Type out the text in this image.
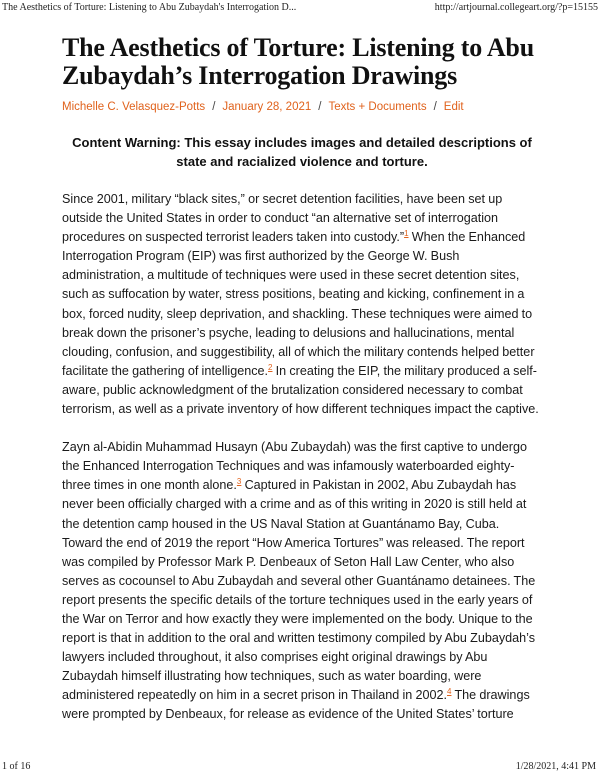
The Aesthetics of Torture: Listening to Abu Zubaydah's Interrogation D...	http://artjournal.collegeart.org/?p=15155
The Aesthetics of Torture: Listening to Abu Zubaydah’s Interrogation Drawings
Michelle C. Velasquez-Potts / January 28, 2021 / Texts + Documents / Edit

Content Warning: This essay includes images and detailed descriptions of state and racialized violence and torture.

Since 2001, military “black sites,” or secret detention facilities, have been set up outside the United States in order to conduct “an alternative set of interrogation procedures on suspected terrorist leaders taken into custody.”$^1$ When the Enhanced Interrogation Program (EIP) was first authorized by the George W. Bush administration, a multitude of techniques were used in these secret detention sites, such as suffocation by water, stress positions, beating and kicking, confinement in a box, forced nudity, sleep deprivation, and shackling. These techniques were aimed to break down the prisoner’s psyche, leading to delusions and hallucinations, mental clouding, confusion, and suggestibility, all of which the military contends helped better facilitate the gathering of intelligence.$^2$ In creating the EIP, the military produced a self-aware, public acknowledgment of the brutalization considered necessary to combat terrorism, as well as a private inventory of how different techniques impact the captive.

Zayn al-Abidin Muhammad Husayn (Abu Zubaydah) was the first captive to undergo the Enhanced Interrogation Techniques and was infamously waterboarded eighty-three times in one month alone.$^3$ Captured in Pakistan in 2002, Abu Zubaydah has never been officially charged with a crime and as of this writing in 2020 is still held at the detention camp housed in the US Naval Station at Guantánamo Bay, Cuba. Toward the end of 2019 the report “How America Tortures” was released. The report was compiled by Professor Mark P. Denbeaux of Seton Hall Law Center, who also serves as cocounsel to Abu Zubaydah and several other Guantánamo detainees. The report presents the specific details of the torture techniques used in the early years of the War on Terror and how exactly they were implemented on the body. Unique to the report is that in addition to the oral and written testimony compiled by Abu Zubaydah’s lawyers included throughout, it also comprises eight original drawings by Abu Zubaydah himself illustrating how techniques, such as water boarding, were administered repeatedly on him in a secret prison in Thailand in 2002.$^4$ The drawings were prompted by Denbeaux, for release as evidence of the United States’ torture

1 of 16	1/28/2021, 4:41 PM
